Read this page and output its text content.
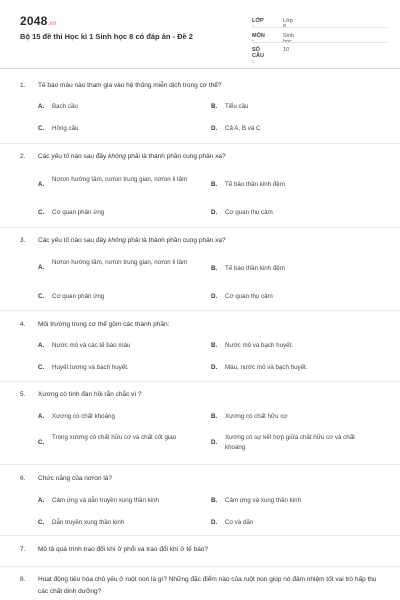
2048.vn
Bộ 15 đề thi Học kì 1 Sinh học 8 có đáp án - Đề 2
LỚP :
Lớp 8
MÔN :
Sinh học
SỐ CÂU :
10
1. Tế bào máu nào tham gia vào hệ thống miễn dịch trong cơ thể?
A. Bạch cầu	B. Tiểu cầu
C. Hồng cầu	D. Cả A, B và C
2. Các yếu tố nào sau đây không phải là thành phần cung phản xạ?
A.
Nơron hướng tâm, nơron trung gian, nơron li tâm
B. Tế bào thần kinh đệm
C. Cơ quan phản ứng	D. Cơ quan thụ cảm
3. Các yếu tố nào sau đây không phải là thành phần cung phản xạ?
A.
Nơron hướng tâm, nơron trung gian, nơron li tâm
B. Tế bào thần kinh đệm
C. Cơ quan phản ứng	D. Cơ quan thụ cảm
4. Môi trường trong cơ thể gồm các thành phần:
A. Nước mô và các tế bào máu	B. Nước mô và bạch huyết.
C. Huyết tương và bạch huyết.	D. Máu, nước mô và bạch huyết.
5. Xương có tính đàn hồi rắn chắc vì ?
A. Xương có chất khoáng	B. Xương có chất hữu cơ
C.
Trong xương có chất hữu cơ và chất cốt giao
D.
Xương có sự kết hợp giữa chất hữu cơ và chất khoáng
6. Chức năng của nơron là?
A. Cảm ứng và dẫn truyền xung thần kinh	B. Cảm ứng và xung thần kinh
C. Dẫn truyền xung thần kinh	D. Co và dãn
7. Mô tả quá trình trao đổi khí ở phổi và trao đổi khí ở tế bào?
8. Hoạt động tiêu hóa chủ yếu ở ruột non là gì? Những đặc điểm nào của ruột non giúp nó đảm nhiệm tốt vai trò hấp thụ các chất dinh dưỡng?
